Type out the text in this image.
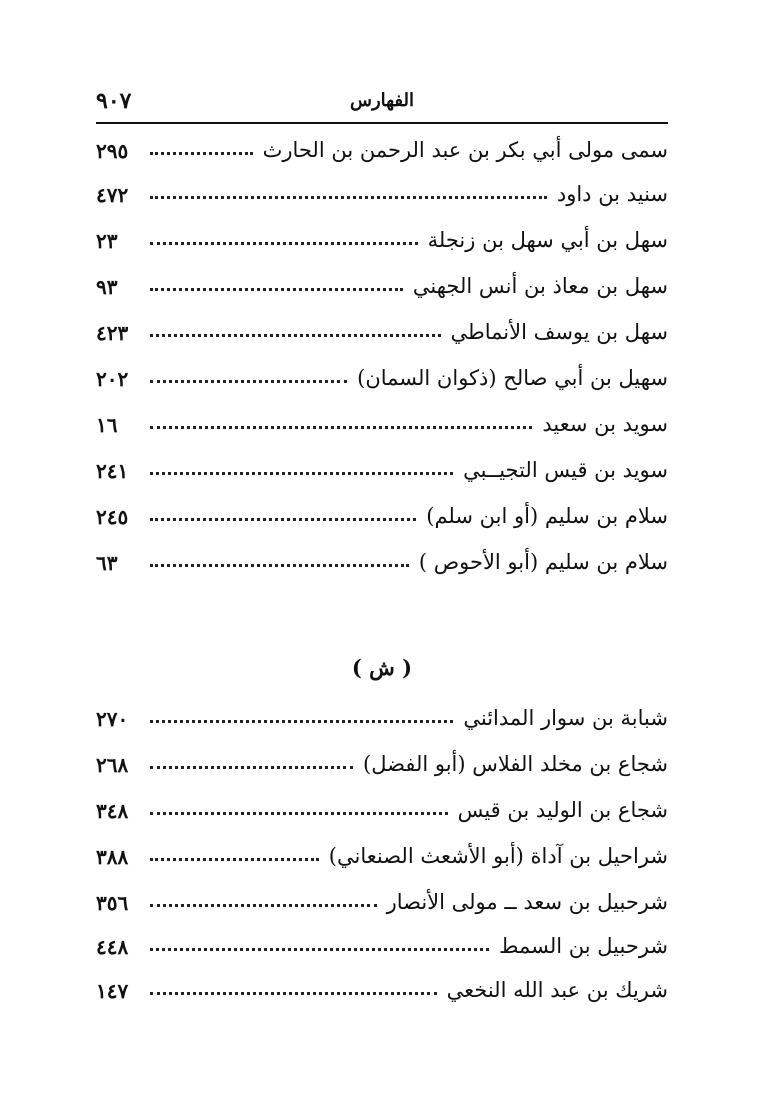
٩٠٧	الفهارس
سمى مولى أبي بكر بن عبد الرحمن بن الحارث
٢٩٥
سنيد بن داود
٤٧٢
سهل بن أبي سهل بن زنجلة
٢٣
سهل بن معاذ بن أنس الجهني
٩٣
سهل بن يوسف الأنماطي
٤٢٣
سهيل بن أبي صالح (ذكوان السمان)
٢٠٢
سويد بن سعيد
١٦
سويد بن قيس التجيــبي
٢٤١
سلام بن سليم (أو ابن سلم)
٢٤٥
سلام بن سليم (أبو الأحوص )
٦٣
( ش )
شبابة بن سوار المدائني
٢٧٠
شجاع بن مخلد الفلاس (أبو الفضل)
٢٦٨
شجاع بن الوليد بن قيس
٣٤٨
شراحيل بن آداة (أبو الأشعث الصنعاني)
٣٨٨
شرحبيل بن سعد ــ مولى الأنصار
٣٥٦
شرحبيل بن السمط
٤٤٨
شريك بن عبد الله النخعي
١٤٧
